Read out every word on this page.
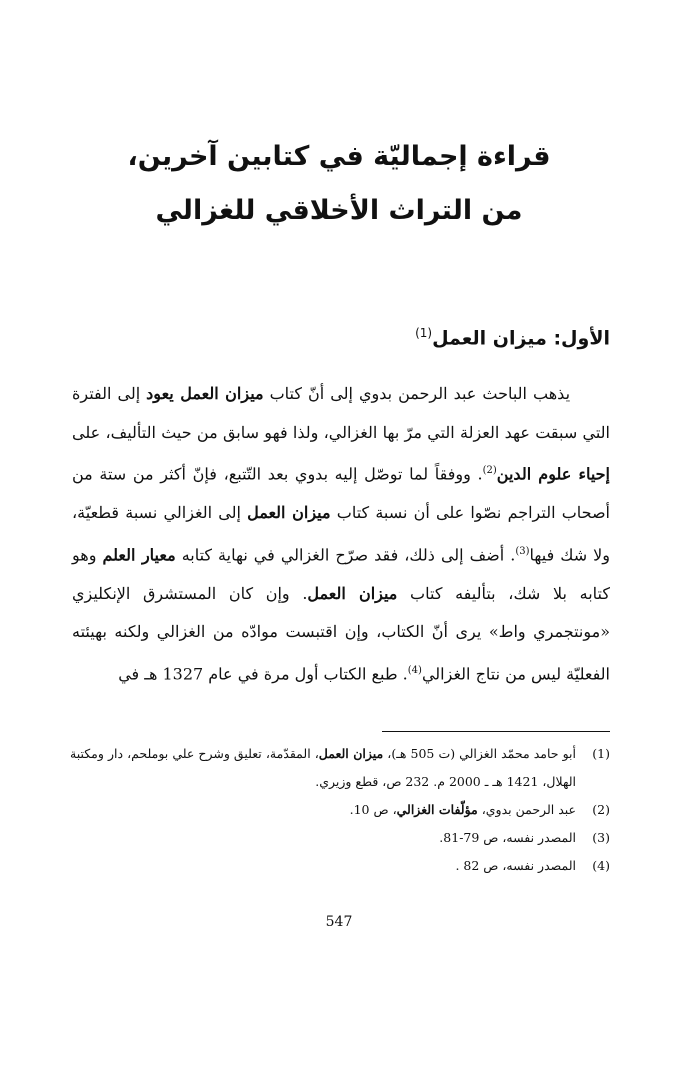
قراءة إجماليّة في كتابين آخرين،
من التراث الأخلاقي للغزالي
الأول: ميزان العمل$^{(1)}$

يذهب الباحث عبد الرحمن بدوي إلى أنّ كتاب ميزان العمل يعود إلى الفترة التي سبقت عهد العزلة التي مرّ بها الغزالي، ولذا فهو سابق من حيث التأليف، على إحياء علوم الدين$^{(2)}$. ووفقاً لما توصّل إليه بدوي بعد التّتبع، فإنّ أكثر من ستة من أصحاب التراجم نصّوا على أن نسبة كتاب ميزان العمل إلى الغزالي نسبة قطعيّة، ولا شك فيها$^{(3)}$. أضف إلى ذلك، فقد صرّح الغزالي في نهاية كتابه معيار العلم وهو كتابه بلا شك، بتأليفه كتاب ميزان العمل. وإن كان المستشرق الإنكليزي «مونتجمري واط» يرى أنّ الكتاب، وإن اقتبست موادّه من الغزالي ولكنه بهيئته الفعليّة ليس من نتاج الغزالي$^{(4)}$. طبع الكتاب أول مرة في عام 1327 هـ في

(1)
أبو حامد محمّد الغزالي (ت 505 هـ)، ميزان العمل، المقدّمة، تعليق وشرح علي بوملحم، دار ومكتبة الهلال، 1421 هـ ـ 2000 م. 232 ص، قطع وزيري.
(2)
عبد الرحمن بدوي، مؤلّفات الغزالي، ص 10.
(3)
المصدر نفسه، ص 79-81.
(4)
المصدر نفسه، ص 82 .
547
